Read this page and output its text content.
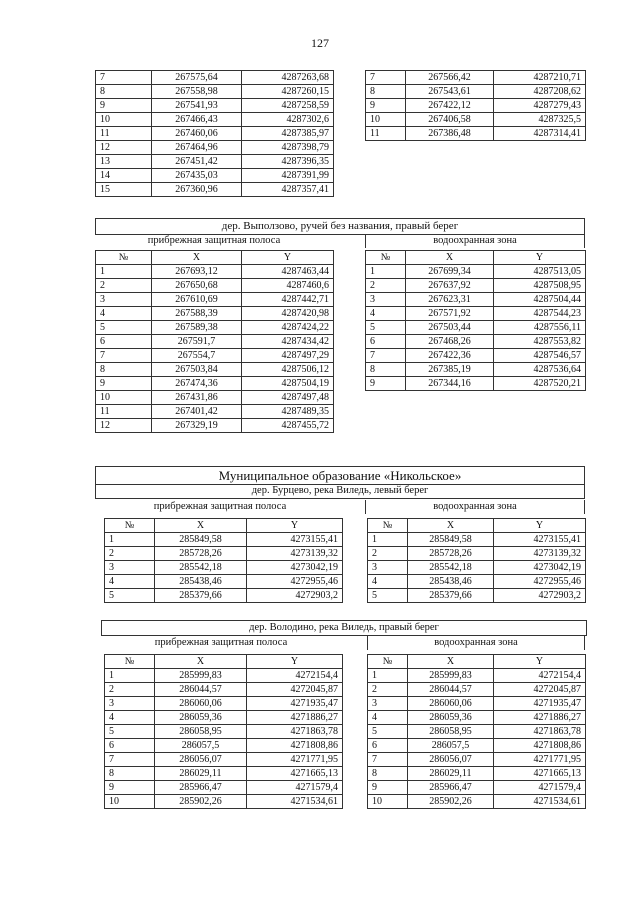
127
7	267575,64	4287263,68
8	267558,98	4287260,15
9	267541,93	4287258,59
10	267466,43	4287302,6
11	267460,06	4287385,97
12	267464,96	4287398,79
13	267451,42	4287396,35
14	267435,03	4287391,99
15	267360,96	4287357,41
7	267566,42	4287210,71
8	267543,61	4287208,62
9	267422,12	4287279,43
10	267406,58	4287325,5
11	267386,48	4287314,41
дер. Выползово, ручей без названия, правый берег
прибрежная защитная полоса	водоохранная зона
№	X	Y
1	267693,12	4287463,44
2	267650,68	4287460,6
3	267610,69	4287442,71
4	267588,39	4287420,98
5	267589,38	4287424,22
6	267591,7	4287434,42
7	267554,7	4287497,29
8	267503,84	4287506,12
9	267474,36	4287504,19
10	267431,86	4287497,48
11	267401,42	4287489,35
12	267329,19	4287455,72
№	X	Y
1	267699,34	4287513,05
2	267637,92	4287508,95
3	267623,31	4287504,44
4	267571,92	4287544,23
5	267503,44	4287556,11
6	267468,26	4287553,82
7	267422,36	4287546,57
8	267385,19	4287536,64
9	267344,16	4287520,21
Муниципальное образование «Никольское»
дер. Бурцево, река Виледь, левый берег
прибрежная защитная полоса	водоохранная зона
№	X	Y
1	285849,58	4273155,41
2	285728,26	4273139,32
3	285542,18	4273042,19
4	285438,46	4272955,46
5	285379,66	4272903,2
№	X	Y
1	285849,58	4273155,41
2	285728,26	4273139,32
3	285542,18	4273042,19
4	285438,46	4272955,46
5	285379,66	4272903,2
дер. Володино, река Виледь, правый берег
прибрежная защитная полоса	водоохранная зона
№	X	Y
1	285999,83	4272154,4
2	286044,57	4272045,87
3	286060,06	4271935,47
4	286059,36	4271886,27
5	286058,95	4271863,78
6	286057,5	4271808,86
7	286056,07	4271771,95
8	286029,11	4271665,13
9	285966,47	4271579,4
10	285902,26	4271534,61
№	X	Y
1	285999,83	4272154,4
2	286044,57	4272045,87
3	286060,06	4271935,47
4	286059,36	4271886,27
5	286058,95	4271863,78
6	286057,5	4271808,86
7	286056,07	4271771,95
8	286029,11	4271665,13
9	285966,47	4271579,4
10	285902,26	4271534,61
